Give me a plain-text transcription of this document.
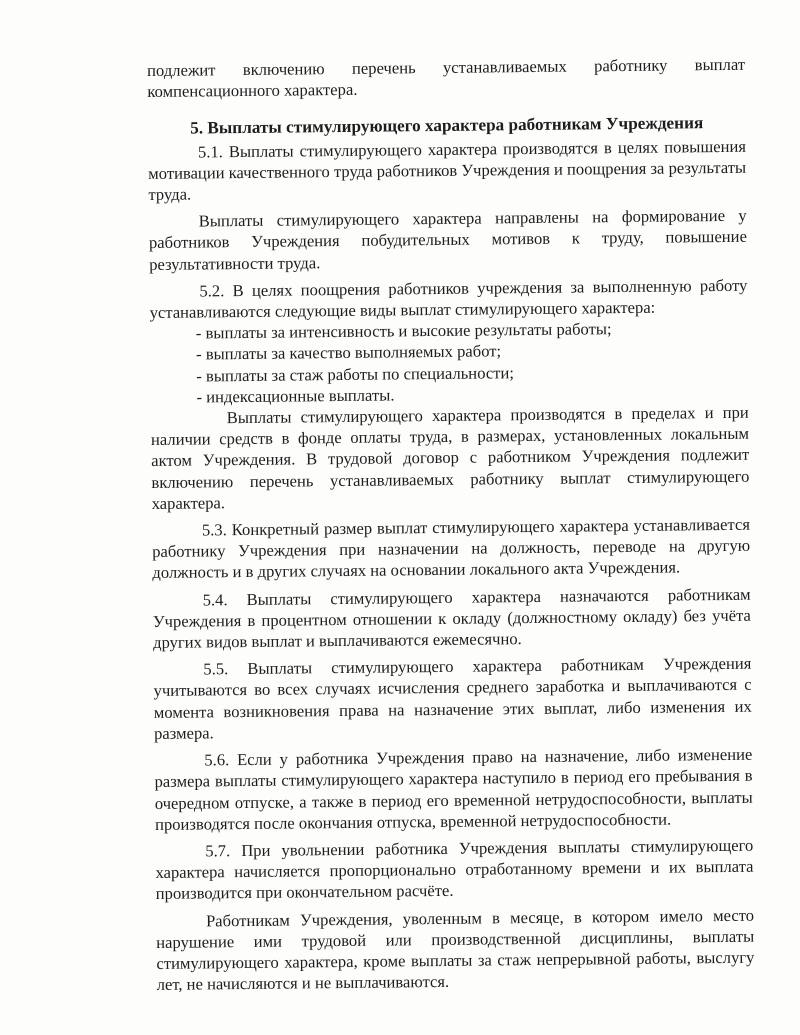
подлежит включению перечень устанавливаемых работнику выплат компенсационного характера.

5. Выплаты стимулирующего характера работникам Учреждения

5.1. Выплаты стимулирующего характера производятся в целях повышения мотивации качественного труда работников Учреждения и поощрения за результаты труда.

Выплаты стимулирующего характера направлены на формирование у работников Учреждения побудительных мотивов к труду, повышение результативности труда.

5.2. В целях поощрения работников учреждения за выполненную работу устанавливаются следующие виды выплат стимулирующего характера:

- выплаты за интенсивность и высокие результаты работы;
- выплаты за качество выполняемых работ;
- выплаты за стаж работы по специальности;
- индексационные выплаты.

Выплаты стимулирующего характера производятся в пределах и при наличии средств в фонде оплаты труда, в размерах, установленных локальным актом Учреждения. В трудовой договор с работником Учреждения подлежит включению перечень устанавливаемых работнику выплат стимулирующего характера.

5.3. Конкретный размер выплат стимулирующего характера устанавливается работнику Учреждения при назначении на должность, переводе на другую должность и в других случаях на основании локального акта Учреждения.

5.4. Выплаты стимулирующего характера назначаются работникам Учреждения в процентном отношении к окладу (должностному окладу) без учёта других видов выплат и выплачиваются ежемесячно.

5.5. Выплаты стимулирующего характера работникам Учреждения учитываются во всех случаях исчисления среднего заработка и выплачиваются с момента возникновения права на назначение этих выплат, либо изменения их размера.

5.6. Если у работника Учреждения право на назначение, либо изменение размера выплаты стимулирующего характера наступило в период его пребывания в очередном отпуске, а также в период его временной нетрудоспособности, выплаты производятся после окончания отпуска, временной нетрудоспособности.

5.7. При увольнении работника Учреждения выплаты стимулирующего характера начисляется пропорционально отработанному времени и их выплата производится при окончательном расчёте.

Работникам Учреждения, уволенным в месяце, в котором имело место нарушение ими трудовой или производственной дисциплины, выплаты стимулирующего характера, кроме выплаты за стаж непрерывной работы, выслугу лет, не начисляются и не выплачиваются.
